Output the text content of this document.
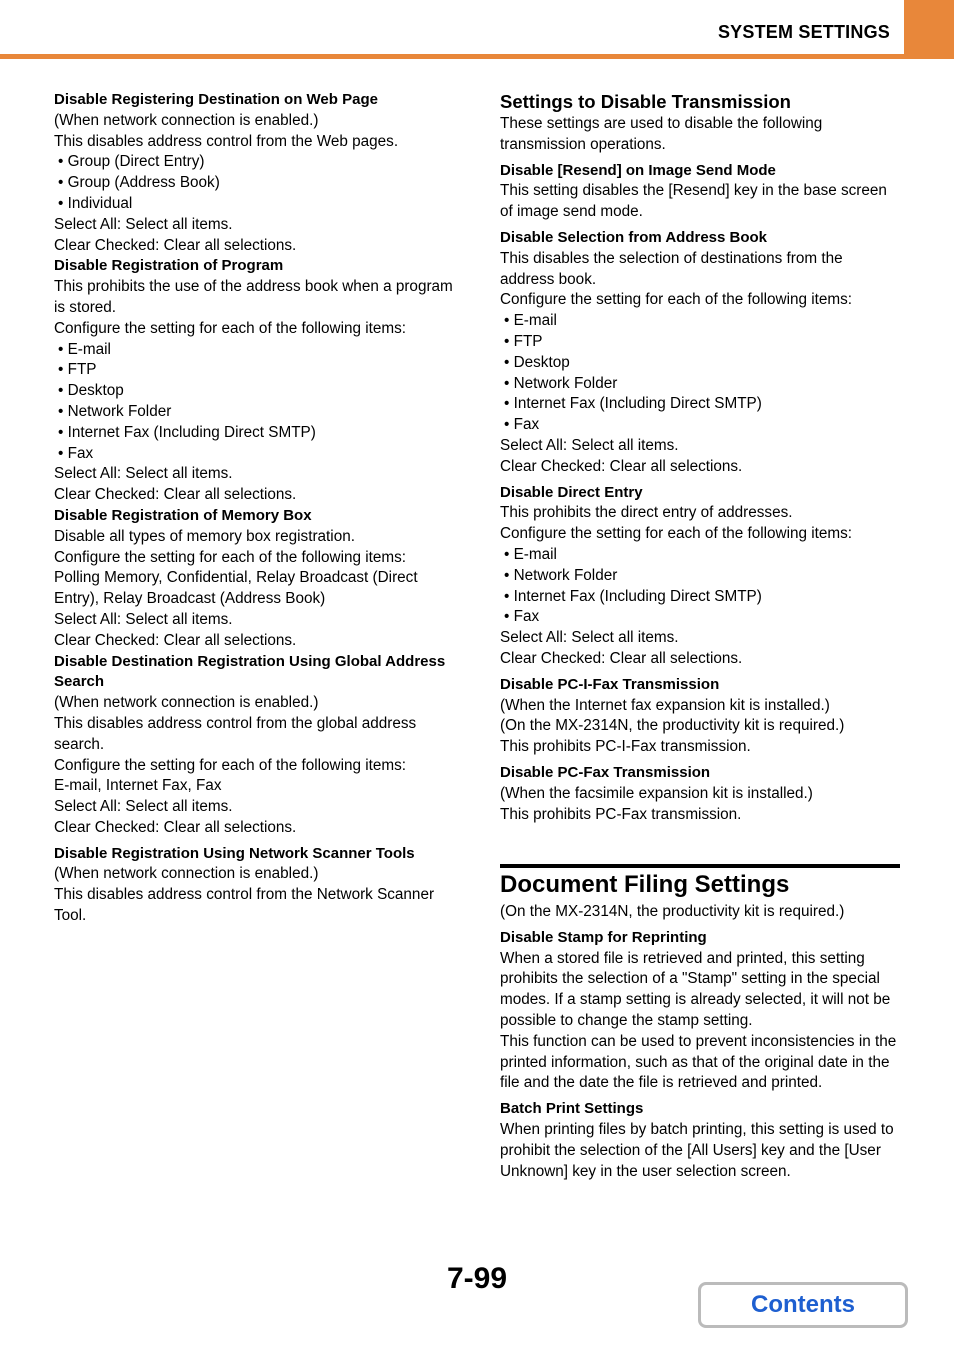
SYSTEM SETTINGS
Disable Registering Destination on Web Page
(When network connection is enabled.)
This disables address control from the Web pages.
• Group (Direct Entry)
• Group (Address Book)
• Individual
Select All: Select all items.
Clear Checked: Clear all selections.
Disable Registration of Program
This prohibits the use of the address book when a program is stored.
Configure the setting for each of the following items:
• E-mail
• FTP
• Desktop
• Network Folder
• Internet Fax (Including Direct SMTP)
• Fax
Select All: Select all items.
Clear Checked: Clear all selections.
Disable Registration of Memory Box
Disable all types of memory box registration.
Configure the setting for each of the following items:
Polling Memory, Confidential, Relay Broadcast (Direct Entry), Relay Broadcast (Address Book)
Select All: Select all items.
Clear Checked: Clear all selections.
Disable Destination Registration Using Global Address Search
(When network connection is enabled.)
This disables address control from the global address search.
Configure the setting for each of the following items:
E-mail, Internet Fax, Fax
Select All: Select all items.
Clear Checked: Clear all selections.
Disable Registration Using Network Scanner Tools
(When network connection is enabled.)
This disables address control from the Network Scanner Tool.
Settings to Disable Transmission
These settings are used to disable the following transmission operations.
Disable [Resend] on Image Send Mode
This setting disables the [Resend] key in the base screen of image send mode.
Disable Selection from Address Book
This disables the selection of destinations from the address book.
Configure the setting for each of the following items:
• E-mail
• FTP
• Desktop
• Network Folder
• Internet Fax (Including Direct SMTP)
• Fax
Select All: Select all items.
Clear Checked: Clear all selections.
Disable Direct Entry
This prohibits the direct entry of addresses.
Configure the setting for each of the following items:
• E-mail
• Network Folder
• Internet Fax (Including Direct SMTP)
• Fax
Select All: Select all items.
Clear Checked: Clear all selections.
Disable PC-I-Fax Transmission
(When the Internet fax expansion kit is installed.)
(On the MX-2314N, the productivity kit is required.)
This prohibits PC-I-Fax transmission.
Disable PC-Fax Transmission
(When the facsimile expansion kit is installed.)
This prohibits PC-Fax transmission.
Document Filing Settings
(On the MX-2314N, the productivity kit is required.)
Disable Stamp for Reprinting
When a stored file is retrieved and printed, this setting prohibits the selection of a "Stamp" setting in the special modes. If a stamp setting is already selected, it will not be possible to change the stamp setting.
This function can be used to prevent inconsistencies in the printed information, such as that of the original date in the file and the date the file is retrieved and printed.
Batch Print Settings
When printing files by batch printing, this setting is used to prohibit the selection of the [All Users] key and the [User Unknown] key in the user selection screen.
7-99
Contents
